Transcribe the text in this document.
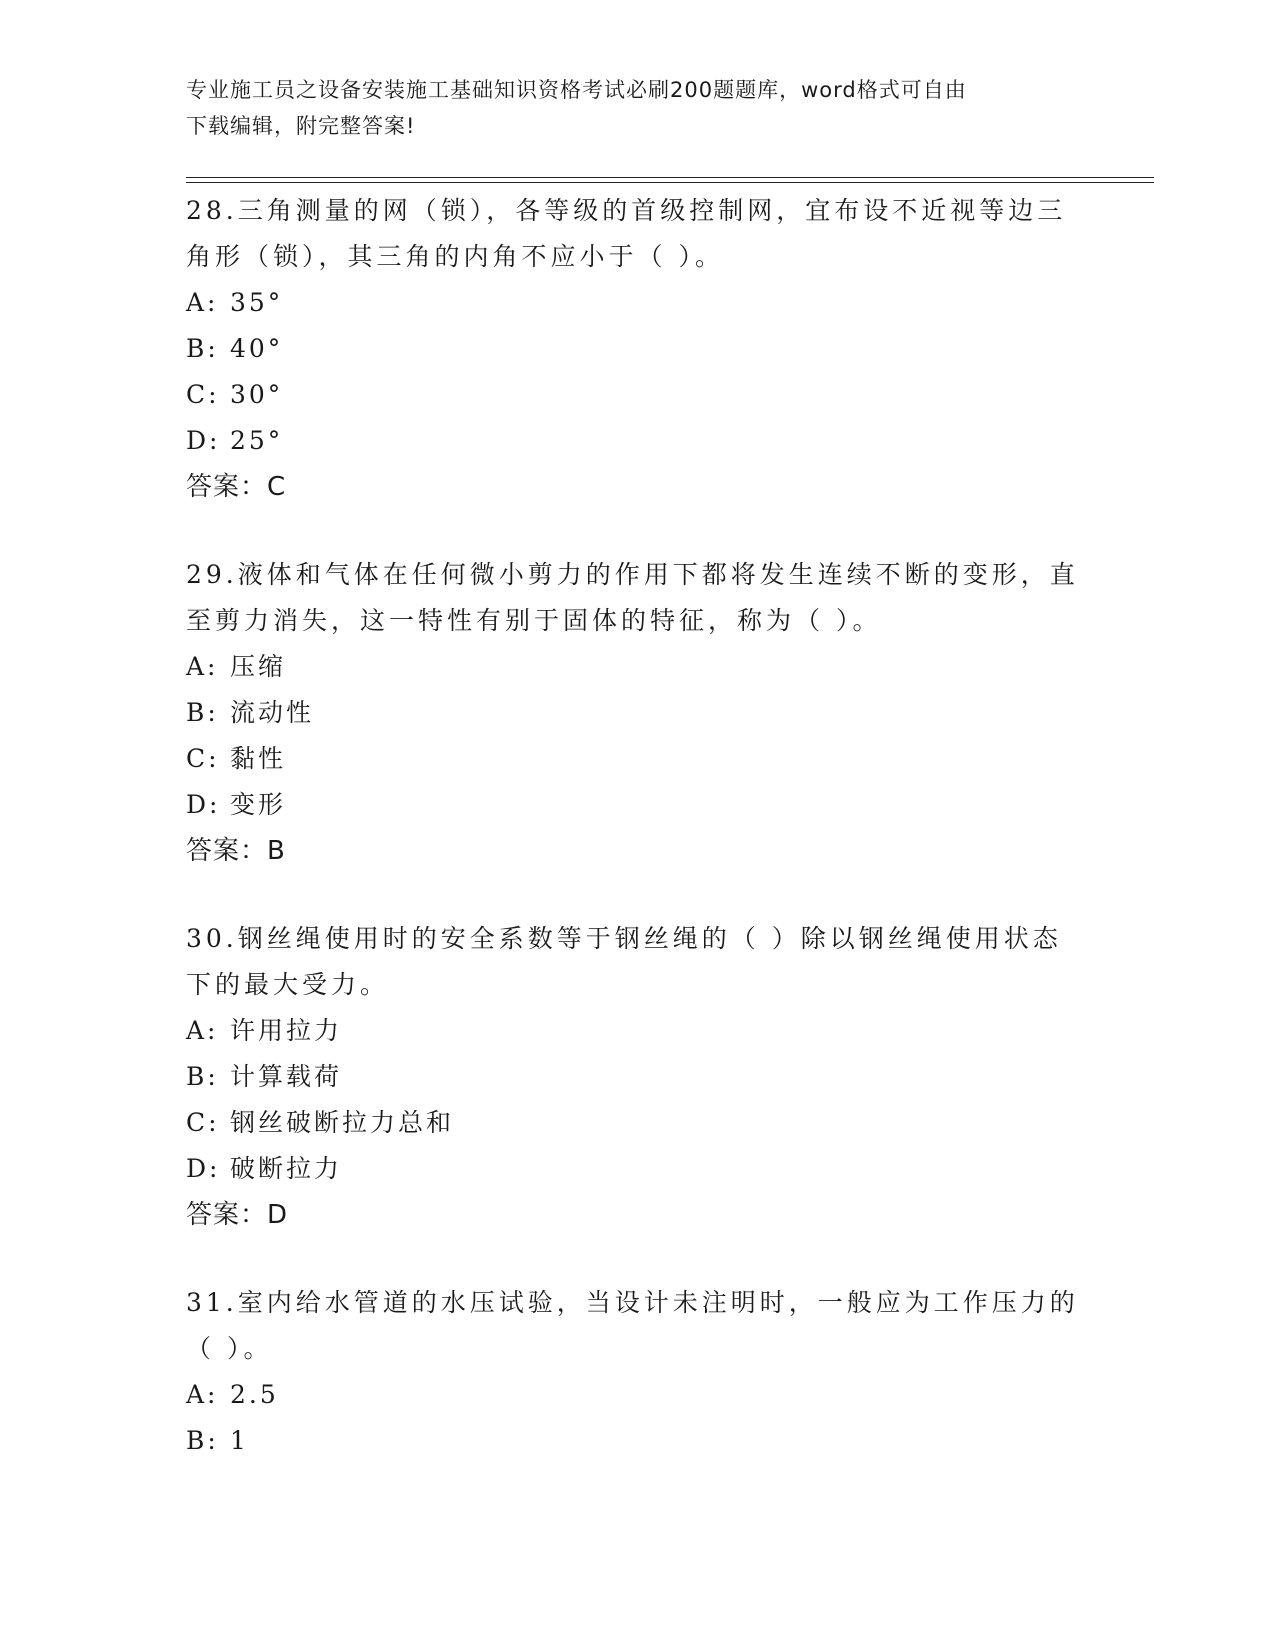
专业施工员之设备安装施工基础知识资格考试必刷200题题库，word格式可自由
下载编辑，附完整答案!

28.三角测量的网（锁），各等级的首级控制网，宜布设不近视等边三角形（锁），其三角的内角不应小于（ ）。

A: 35°

B: 40°

C: 30°

D: 25°

答案：C

29.液体和气体在任何微小剪力的作用下都将发生连续不断的变形，直至剪力消失，这一特性有别于固体的特征，称为（ ）。

A: 压缩

B: 流动性

C: 黏性

D: 变形

答案：B

30.钢丝绳使用时的安全系数等于钢丝绳的（ ）除以钢丝绳使用状态下的最大受力。

A: 许用拉力

B: 计算载荷

C: 钢丝破断拉力总和

D: 破断拉力

答案：D

31.室内给水管道的水压试验，当设计未注明时，一般应为工作压力的（ ）。

A: 2.5

B: 1
